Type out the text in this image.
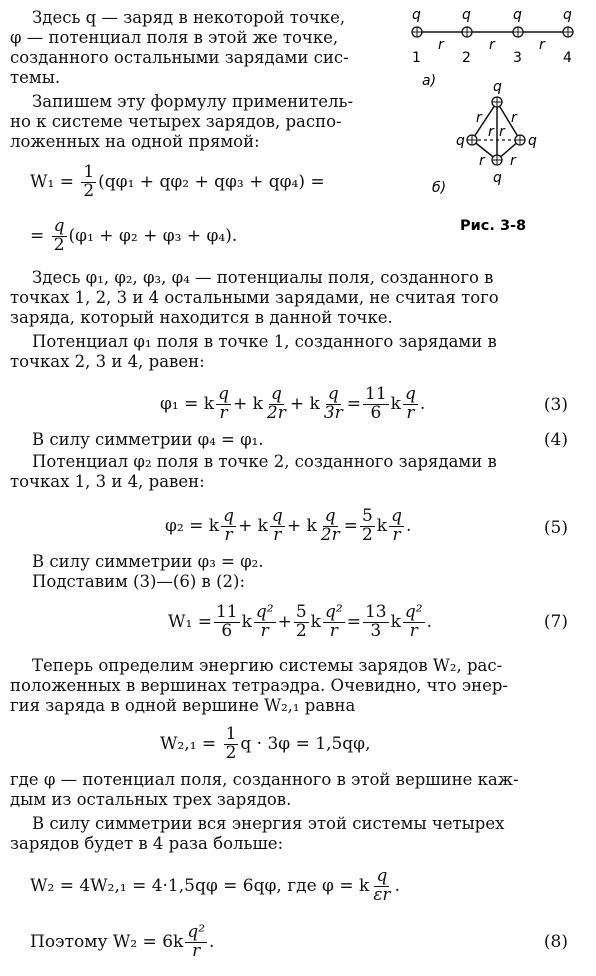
Здесь q — заряд в некоторой точке,
φ — потенциал поля в этой же точке,
созданного остальными зарядами сис-
темы.
Запишем эту формулу применитель-
но к системе четырех зарядов, распо-
ложенных на одной прямой:
W₁ =
$\frac{1}{2} (q\varphi_1 + q\varphi_2 + q\varphi_3 + q\varphi_4)$ =
=
$\frac{q}{2} (\varphi_1 + \varphi_2 + \varphi_3 + \varphi_4)$.
q	q	q	q
r	r	r
1	2	3	4
а)	q
q	q
q
r r
r
r r
r
б)
Рис. 3-8
Здесь φ₁, φ₂, φ₃, φ₄ — потенциалы поля, созданного в
точках 1, 2, 3 и 4 остальными зарядами, не считая того
заряда, который находится в данной точке.
Потенциал φ₁ поля в точке 1, созданного зарядами в
точках 2, 3 и 4, равен:
φ₁ = k $\frac{q}{r} + k \frac{q}{2r} + k \frac{q}{3r} = \frac{11}{6}$ k $\frac{q}{r}$ .	(3)
В силу симметрии φ₄ = φ₁.	(4)
Потенциал φ₂ поля в точке 2, созданного зарядами в
точках 1, 3 и 4, равен:
φ₂ = k $\frac{q}{r} + k \frac{q}{r} + k \frac{q}{2r} = \frac{5}{2}$ k $\frac{q}{r}$ .	(5)
В силу симметрии φ₃ = φ₂.
Подставим (3)—(6) в (2):
$W_1 = \frac{11}{6}$ k $\frac{\text{q²}}{r} + \frac{5}{2}$ k $\frac{\text{q²}}{r} = \frac{13}{3}$ k $\frac{\text{q²}}{r}$ .	(7)
Теперь определим энергию системы зарядов W₂, рас-
положенных в вершинах тетраэдра. Очевидно, что энер-
гия заряда в одной вершине W₂,₁ равна
W₂,₁ =
$\frac{1}{2}$ q · 3φ = 1,5qφ,
где φ — потенциал поля, созданного в этой вершине каж-
дым из остальных трех зарядов.
В силу симметрии вся энергия этой системы четырех
зарядов будет в 4 раза больше:
W₂ = 4W₂,₁ = 4·1,5qφ = 6qφ, где φ = k $\frac{q}{\varepsilon r}$ .
Поэтому $W_2 = 6k \frac{\text{q²}}{r}$ .	(8)
